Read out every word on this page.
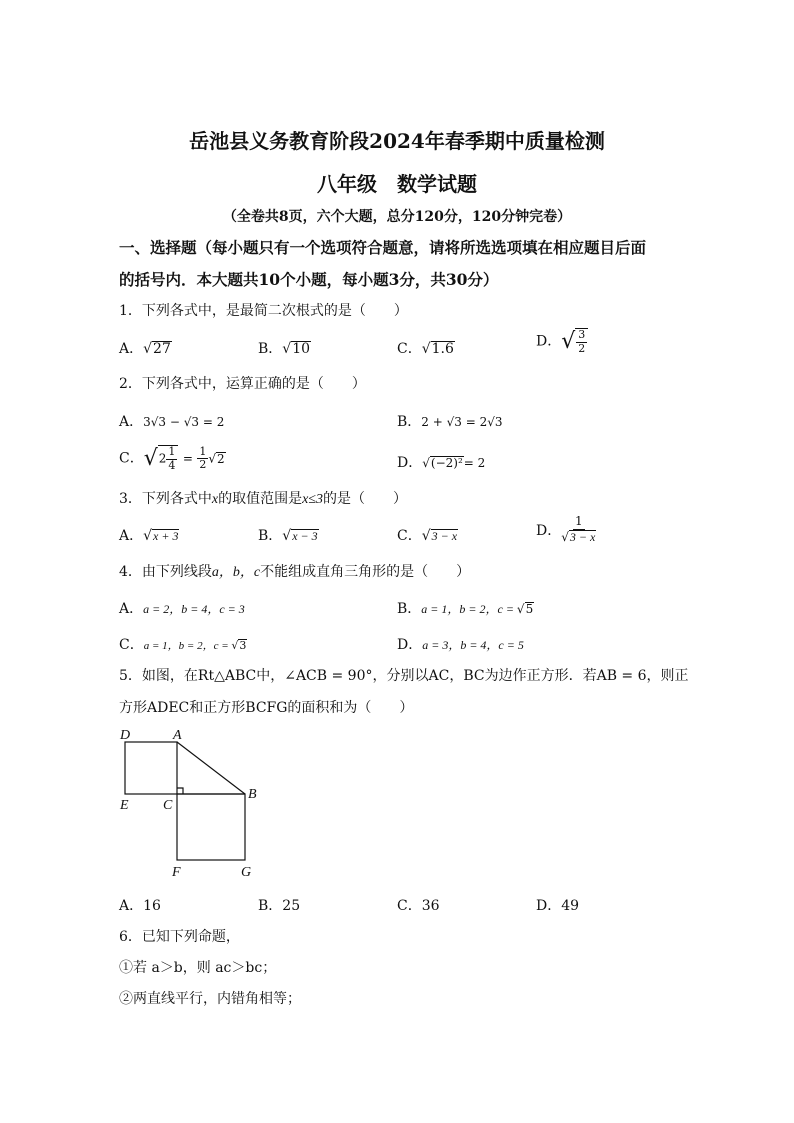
岳池县义务教育阶段2024年春季期中质量检测
八年级　数学试题
（全卷共8页，六个大题，总分120分，120分钟完卷）
一、选择题（每小题只有一个选项符合题意，请将所选选项填在相应题目后面
的括号内．本大题共10个小题，每小题3分，共30分）
1．下列各式中，是最简二次根式的是（　　）
A．√27	B．√10	C．√1.6	D．√ $\frac{3}{2}$
2．下列各式中，运算正确的是（　　）
A．3√3 − √3 = 2	B．2 + √3 = 2√3
C．$√2 \frac{1}{4} = \frac{1}{2} √2$	D．√(−2)²= 2
3．下列各式中x的取值范围是x≤3的是（　　）
A．√x + 3	B．√x − 3	C．√3 − x	D． $\frac{1}{√3 - x}$
4．由下列线段a，b，c不能组成直角三角形的是（　　）
A．a = 2，b = 4，c = 3	B．a = 1，b = 2，c = √5
C．a = 1，b = 2，c = √3	D．a = 3，b = 4，c = 5
5．如图，在Rt△ABC中，∠ACB = 90°，分别以AC，BC为边作正方形．若AB = 6，则正
方形ADEC和正方形BCFG的面积和为（　　）
D	A
E C
B
F	G
A．16	B．25	C．36	D．49
6．已知下列命题，
①若 a＞b，则 ac＞bc；
②两直线平行，内错角相等；
